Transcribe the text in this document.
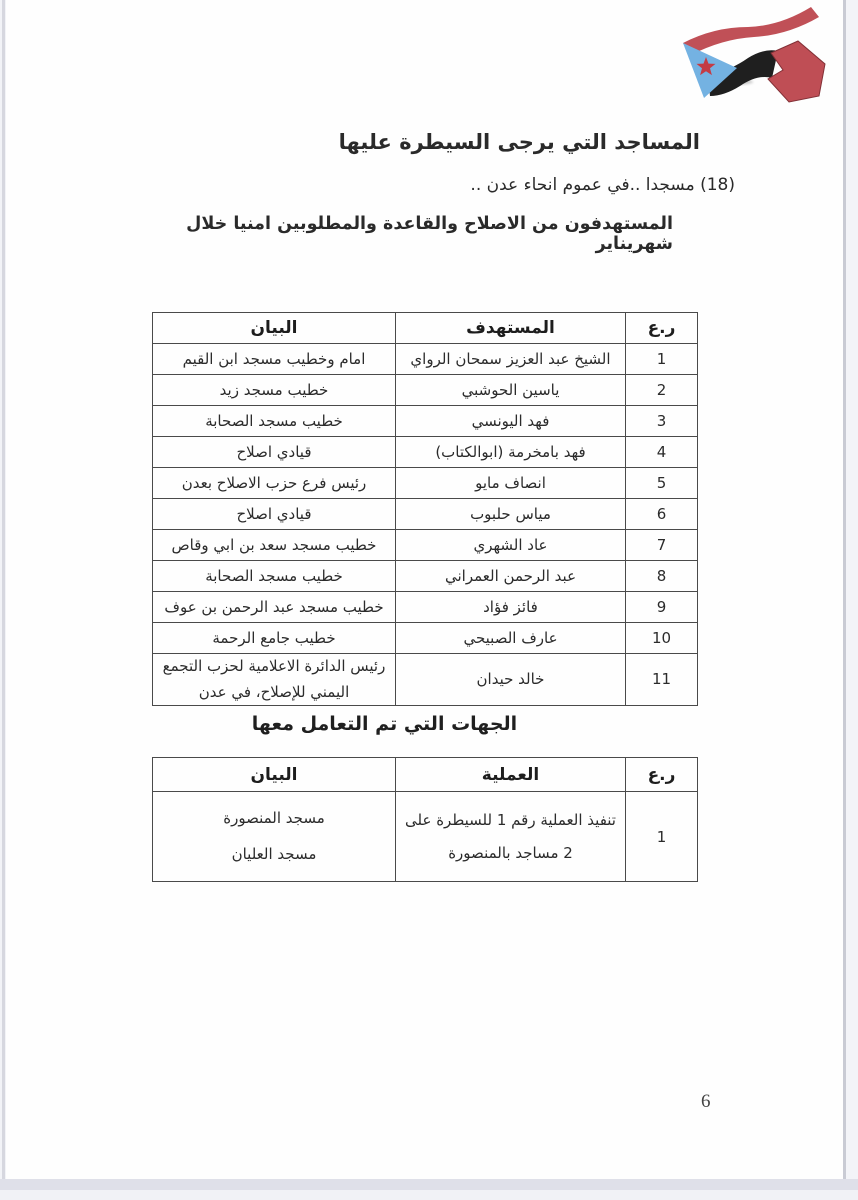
المساجد التي يرجى السيطرة عليها
(18) مسجدا ..في عموم انحاء عدن ..
المستهدفون من الاصلاح والقاعدة والمطلوبين امنيا خلال شهريناير
ر.ع	المستهدف	البيان
1	الشيخ عبد العزيز سمحان الرواي	امام وخطيب مسجد ابن القيم
2	ياسين الحوشبي	خطيب مسجد زيد
3	فهد اليونسي	خطيب مسجد الصحابة
4	فهد بامخرمة (ابوالكتاب)	قيادي اصلاح
5	انصاف مايو	رئيس فرع حزب الاصلاح بعدن
6	مياس حلبوب	قيادي اصلاح
7	عاد الشهري	خطيب مسجد سعد بن ابي وقاص
8	عبد الرحمن العمراني	خطيب مسجد الصحابة
9	فائز فؤاد	خطيب مسجد عبد الرحمن بن عوف
10	عارف الصبيحي	خطيب جامع الرحمة
11	خالد حيدان	رئيس الدائرة الاعلامية لحزب التجمع اليمني للإصلاح، في عدن
الجهات التي تم التعامل معها
ر.ع	العملية	البيان
1	تنفيذ العملية رقم 1 للسيطرة على 2 مساجد بالمنصورة	مسجد المنصورة
مسجد العليان
6
